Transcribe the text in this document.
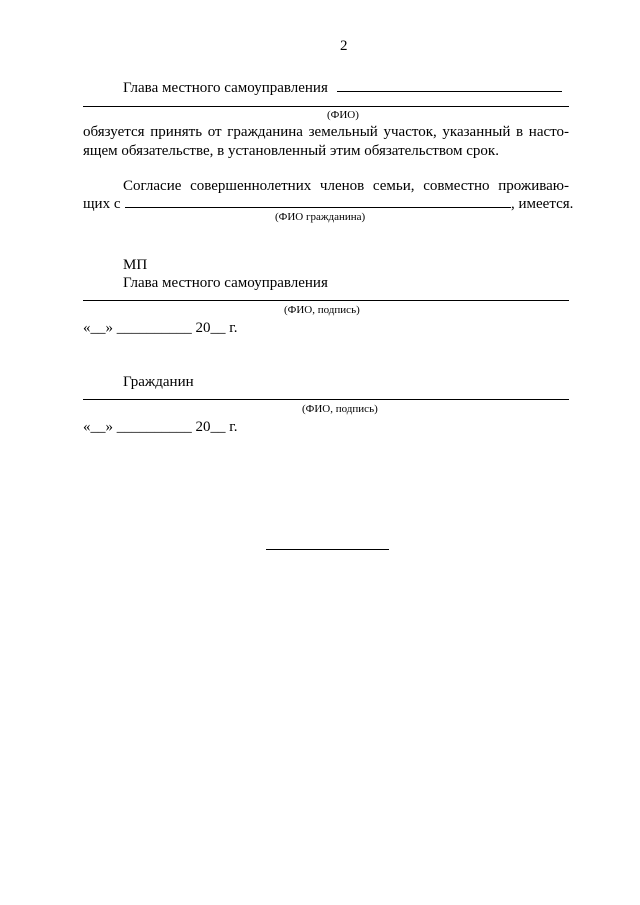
2
Глава местного самоуправления
(ФИО)
обязуется принять от гражданина земельный участок, указанный в насто-
ящем обязательстве, в установленный этим обязательством срок.
Согласие совершеннолетних членов семьи, совместно проживаю-
щих с	, имеется.
(ФИО гражданина)
МП
Глава местного самоуправления
(ФИО, подпись)
«__» __________ 20__ г.
Гражданин
(ФИО, подпись)
«__» __________ 20__ г.
